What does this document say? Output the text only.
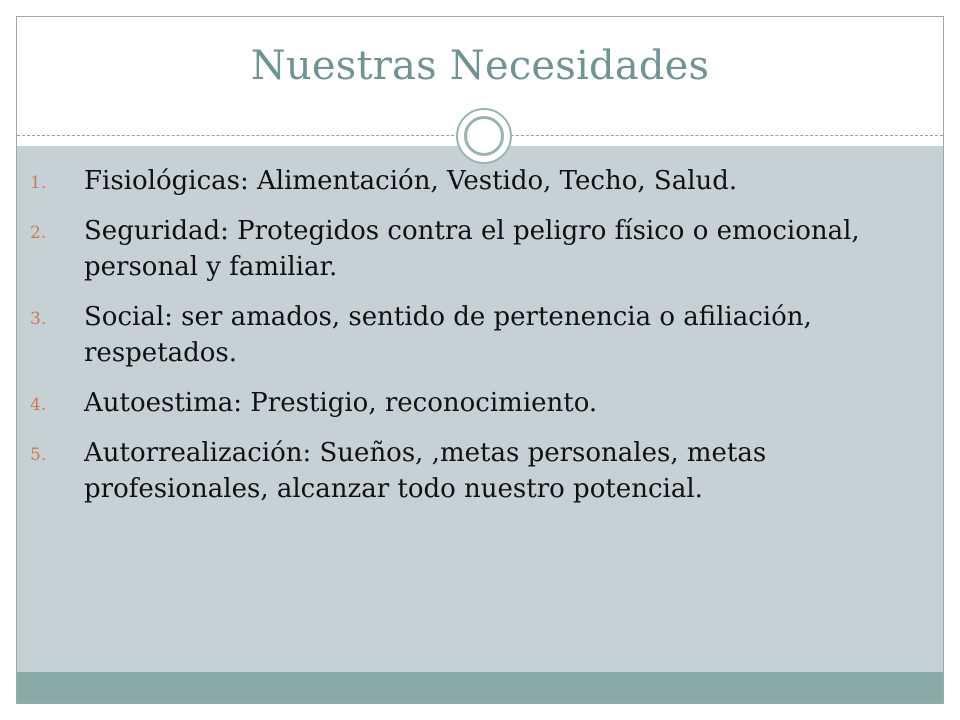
Nuestras Necesidades
1.	Fisiológicas: Alimentación, Vestido, Techo, Salud.
2.	Seguridad: Protegidos contra el peligro físico o emocional, personal y familiar.
3.	Social: ser amados, sentido de pertenencia o afiliación, respetados.
4.	Autoestima: Prestigio, reconocimiento.
5.	Autorrealización: Sueños, ,metas personales, metas profesionales, alcanzar todo nuestro potencial.
